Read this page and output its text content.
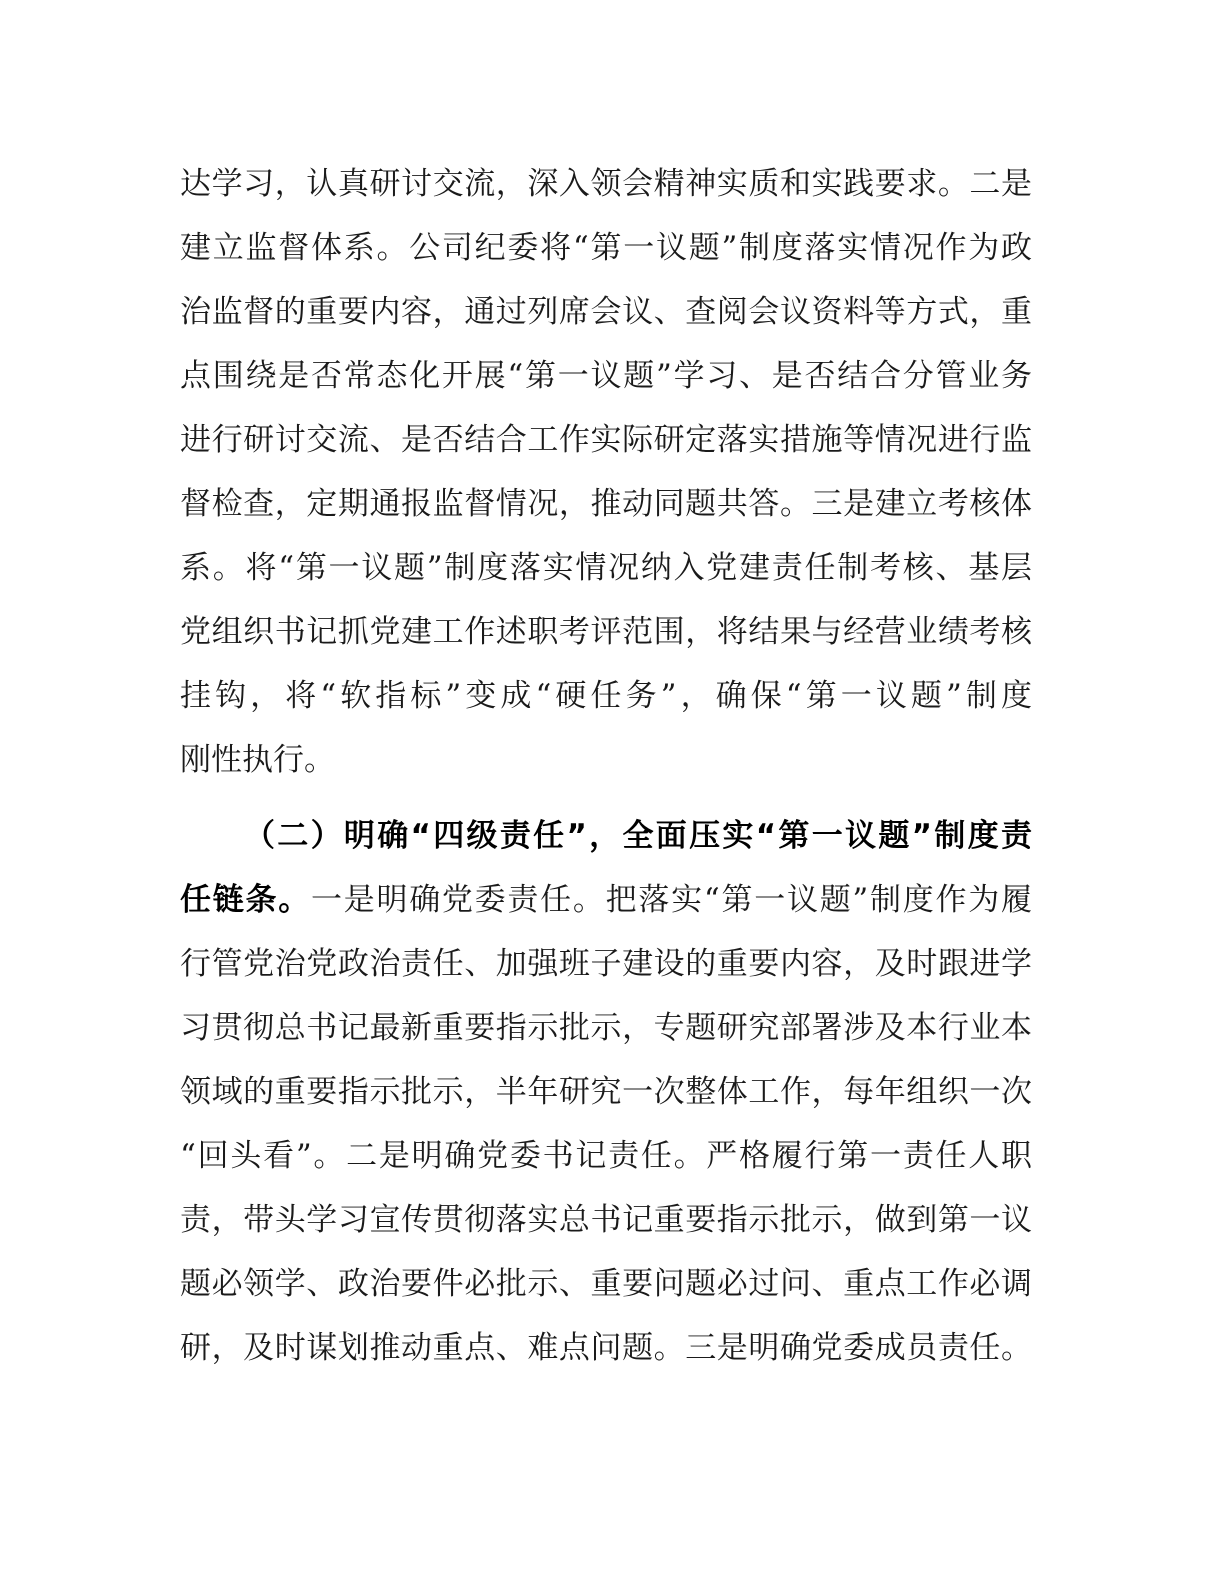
达学习，认真研讨交流，深入领会精神实质和实践要求。二是
建立监督体系。公司纪委将“第一议题”制度落实情况作为政
治监督的重要内容，通过列席会议、查阅会议资料等方式，重
点围绕是否常态化开展“第一议题”学习、是否结合分管业务
进行研讨交流、是否结合工作实际研定落实措施等情况进行监
督检查，定期通报监督情况，推动同题共答。三是建立考核体
系。将“第一议题”制度落实情况纳入党建责任制考核、基层
党组织书记抓党建工作述职考评范围，将结果与经营业绩考核
挂钩，将“软指标”变成“硬任务”，确保“第一议题”制度
刚性执行。
（二）明确“四级责任”，全面压实“第一议题”制度责
任链条。一是明确党委责任。把落实“第一议题”制度作为履
行管党治党政治责任、加强班子建设的重要内容，及时跟进学
习贯彻总书记最新重要指示批示，专题研究部署涉及本行业本
领域的重要指示批示，半年研究一次整体工作，每年组织一次
“回头看”。二是明确党委书记责任。严格履行第一责任人职
责，带头学习宣传贯彻落实总书记重要指示批示，做到第一议
题必领学、政治要件必批示、重要问题必过问、重点工作必调
研，及时谋划推动重点、难点问题。三是明确党委成员责任。
